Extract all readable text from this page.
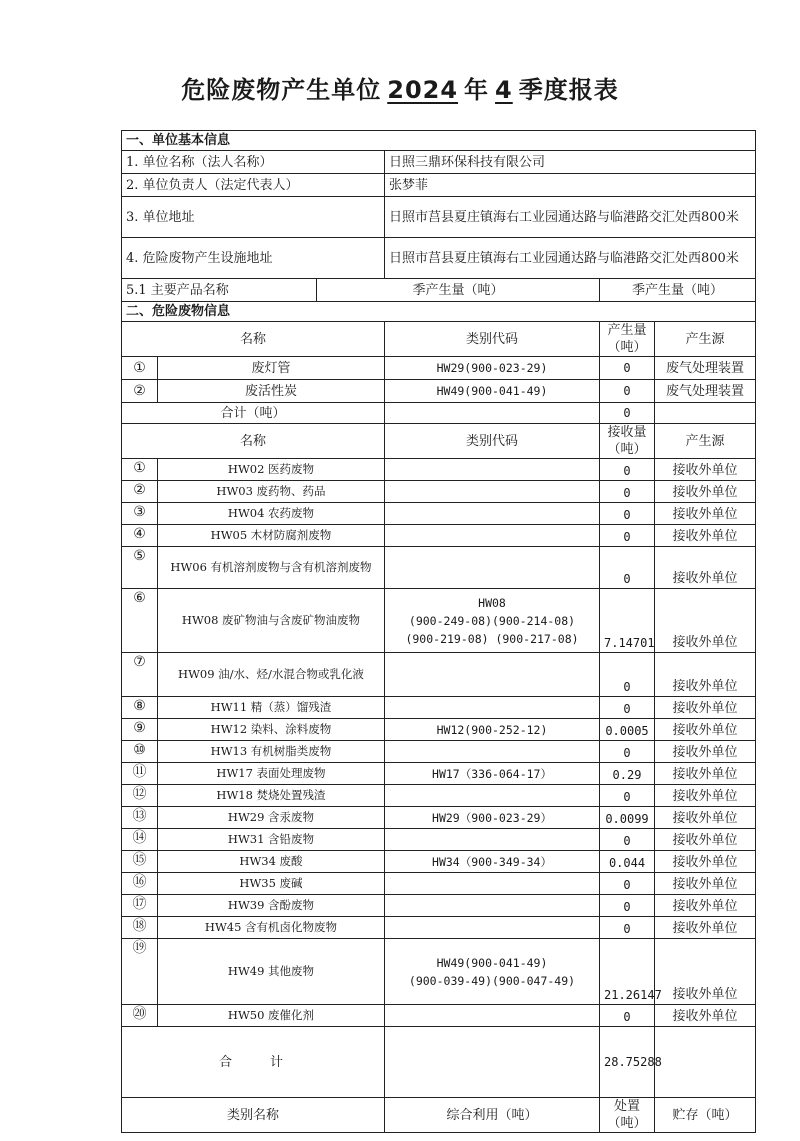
危险废物产生单位 2024 年 4 季度报表
一、单位基本信息					
1. 单位名称（法人名称）			日照三鼎环保科技有限公司		
2. 单位负责人（法定代表人）			张梦菲		
3. 单位地址			日照市莒县夏庄镇海右工业园通达路与临港路交汇处西800米		
4. 危险废物产生设施地址			日照市莒县夏庄镇海右工业园通达路与临港路交汇处西800米		
5.1 主要产品名称		季产生量（吨）		季产生量（吨）	
二、危险废物信息					
名称			类别代码	产生量（吨）	产生源
①	废灯管		HW29(900-023-29)	0	废气处理装置
②	废活性炭		HW49(900-041-49)	0	废气处理装置
合计（吨）				0	
名称			类别代码	接收量（吨）	产生源
①	HW02 医药废物			0	接收外单位
②	HW03 废药物、药品			0	接收外单位
③	HW04 农药废物			0	接收外单位
④	HW05 木材防腐剂废物			0	接收外单位
⑤	HW06 有机溶剂废物与含有机溶剂废物			0	接收外单位
⑥	HW08 废矿物油与含废矿物油废物		HW08
(900-249-08)(900-214-08)
(900-219-08) (900-217-08)	7.14701	接收外单位
⑦	HW09 油/水、烃/水混合物或乳化液			0	接收外单位
⑧	HW11 精（蒸）馏残渣			0	接收外单位
⑨	HW12 染料、涂料废物		HW12(900-252-12)	0.0005	接收外单位
⑩	HW13 有机树脂类废物			0	接收外单位
⑪	HW17 表面处理废物		HW17（336-064-17）	0.29	接收外单位
⑫	HW18 焚烧处置残渣			0	接收外单位
⑬	HW29 含汞废物		HW29（900-023-29）	0.0099	接收外单位
⑭	HW31 含铅废物			0	接收外单位
⑮	HW34 废酸		HW34（900-349-34）	0.044	接收外单位
⑯	HW35 废碱			0	接收外单位
⑰	HW39 含酚废物			0	接收外单位
⑱	HW45 含有机卤化物废物			0	接收外单位
⑲	HW49 其他废物		HW49(900-041-49)
(900-039-49)(900-047-49)	21.26147	接收外单位
⑳	HW50 废催化剂			0	接收外单位
合　　计				28.75288	
类别名称			综合利用（吨）	处置（吨）	贮存（吨）
